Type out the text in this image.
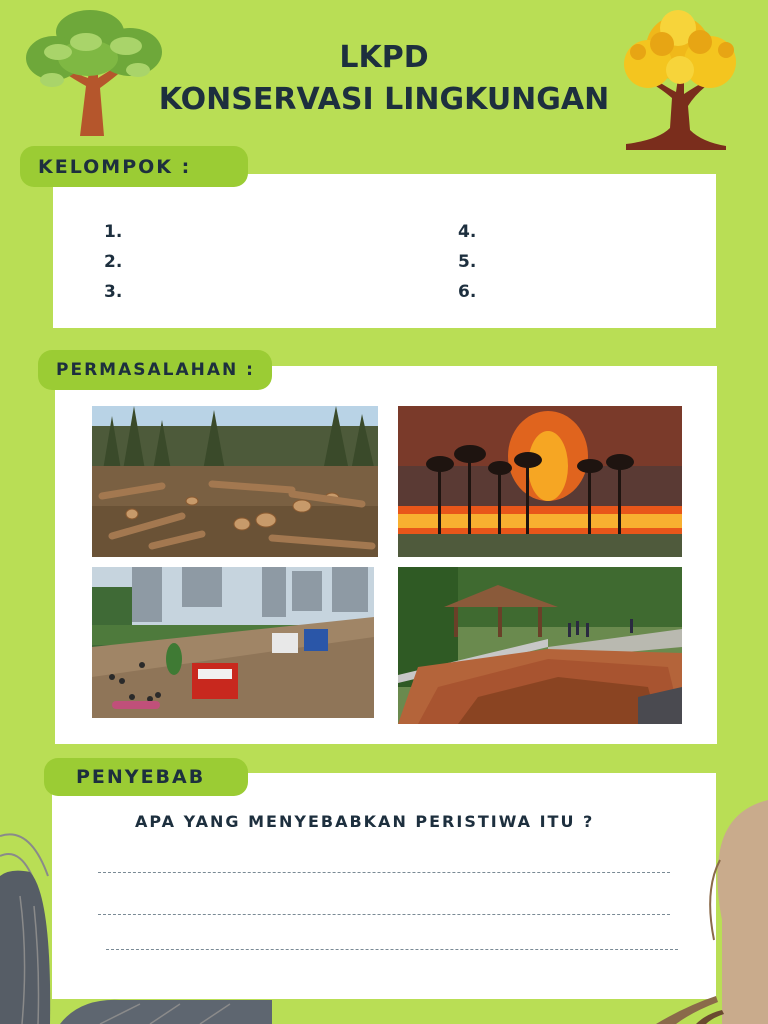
LKPD
KONSERVASI LINGKUNGAN
KELOMPOK :
1.
2.
3.
4.
5.
6.
PERMASALAHAN :
PENYEBAB
APA YANG MENYEBABKAN PERISTIWA ITU ?
